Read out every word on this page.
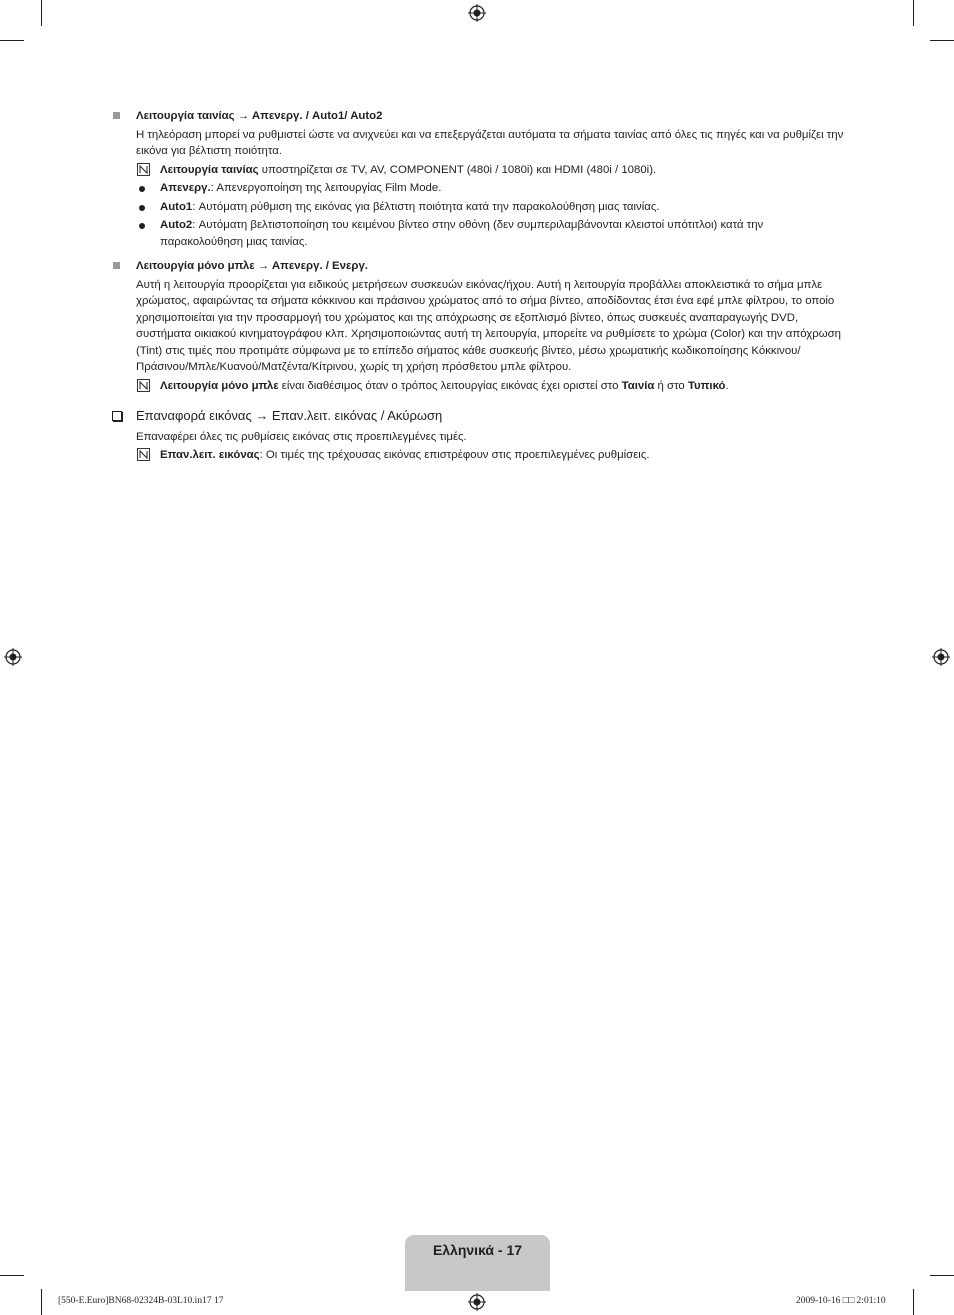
Λειτουργία ταινίας → Απενεργ. / Auto1/ Auto2
Η τηλεόραση μπορεί να ρυθμιστεί ώστε να ανιχνεύει και να επεξεργάζεται αυτόματα τα σήματα ταινίας από όλες τις πηγές και να ρυθμίζει την εικόνα για βέλτιστη ποιότητα.
Λειτουργία ταινίας υποστηρίζεται σε TV, AV, COMPONENT (480i / 1080i) και HDMI (480i / 1080i).
Απενεργ.: Απενεργοποίηση της λειτουργίας Film Mode.
Auto1: Αυτόματη ρύθμιση της εικόνας για βέλτιστη ποιότητα κατά την παρακολούθηση μιας ταινίας.
Auto2: Αυτόματη βελτιστοποίηση του κειμένου βίντεο στην οθόνη (δεν συμπεριλαμβάνονται κλειστοί υπότιτλοι) κατά την παρακολούθηση μιας ταινίας.
Λειτουργία μόνο μπλε → Απενεργ. / Ενεργ.
Αυτή η λειτουργία προορίζεται για ειδικούς μετρήσεων συσκευών εικόνας/ήχου. Αυτή η λειτουργία προβάλλει αποκλειστικά το σήμα μπλε χρώματος, αφαιρώντας τα σήματα κόκκινου και πράσινου χρώματος από το σήμα βίντεο, αποδίδοντας έτσι ένα εφέ μπλε φίλτρου, το οποίο χρησιμοποιείται για την προσαρμογή του χρώματος και της απόχρωσης σε εξοπλισμό βίντεο, όπως συσκευές αναπαραγωγής DVD, συστήματα οικιακού κινηματογράφου κλπ. Χρησιμοποιώντας αυτή τη λειτουργία, μπορείτε να ρυθμίσετε το χρώμα (Color) και την απόχρωση (Tint) στις τιμές που προτιμάτε σύμφωνα με το επίπεδο σήματος κάθε συσκευής βίντεο, μέσω χρωματικής κωδικοποίησης Κόκκινου/Πράσινου/Μπλε/Κυανού/Ματζέντα/Κίτρινου, χωρίς τη χρήση πρόσθετου μπλε φίλτρου.
Λειτουργία μόνο μπλε είναι διαθέσιμος όταν ο τρόπος λειτουργίας εικόνας έχει οριστεί στο Ταινία ή στο Τυπικό.
Επαναφορά εικόνας → Επαν.λειτ. εικόνας / Ακύρωση
Επαναφέρει όλες τις ρυθμίσεις εικόνας στις προεπιλεγμένες τιμές.
Επαν.λειτ. εικόνας: Οι τιμές της τρέχουσας εικόνας επιστρέφουν στις προεπιλεγμένες ρυθμίσεις.
Ελληνικά - 17
[550-E.Euro]BN68-02324B-03L10.in17 17	2009-10-16 □□ 2:01:10
